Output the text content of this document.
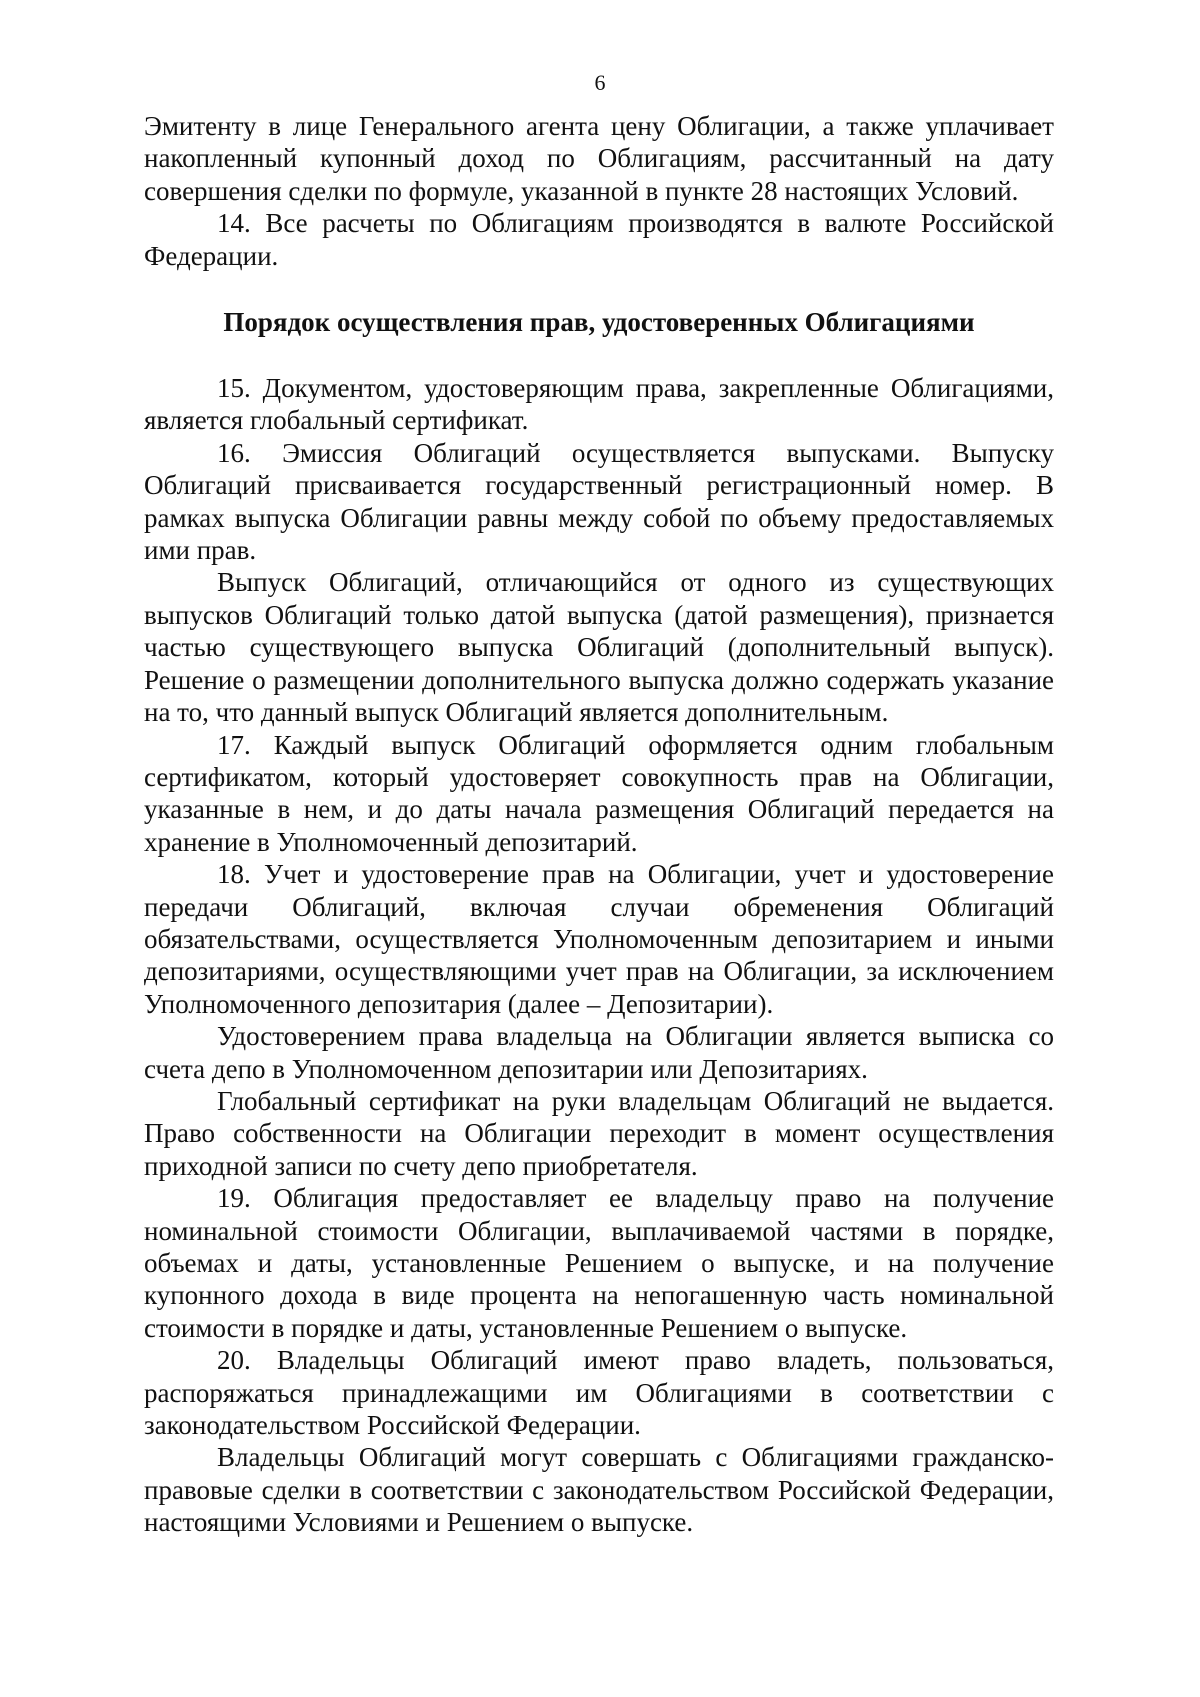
6

Эмитенту в лице Генерального агента цену Облигации, а также уплачивает накопленный купонный доход по Облигациям, рассчитанный на дату совершения сделки по формуле, указанной в пункте 28 настоящих Условий.

14. Все расчеты по Облигациям производятся в валюте Российской Федерации.

Порядок осуществления прав, удостоверенных Облигациями

15. Документом, удостоверяющим права, закрепленные Облигациями, является глобальный сертификат.

16. Эмиссия Облигаций осуществляется выпусками. Выпуску Облигаций присваивается государственный регистрационный номер. В рамках выпуска Облигации равны между собой по объему предоставляемых ими прав.

Выпуск Облигаций, отличающийся от одного из существующих выпусков Облигаций только датой выпуска (датой размещения), признается частью существующего выпуска Облигаций (дополнительный выпуск). Решение о размещении дополнительного выпуска должно содержать указание на то, что данный выпуск Облигаций является дополнительным.

17. Каждый выпуск Облигаций оформляется одним глобальным сертификатом, который удостоверяет совокупность прав на Облигации, указанные в нем, и до даты начала размещения Облигаций передается на хранение в Уполномоченный депозитарий.

18. Учет и удостоверение прав на Облигации, учет и удостоверение передачи Облигаций, включая случаи обременения Облигаций обязательствами, осуществляется Уполномоченным депозитарием и иными депозитариями, осуществляющими учет прав на Облигации, за исключением Уполномоченного депозитария (далее – Депозитарии).

Удостоверением права владельца на Облигации является выписка со счета депо в Уполномоченном депозитарии или Депозитариях.

Глобальный сертификат на руки владельцам Облигаций не выдается. Право собственности на Облигации переходит в момент осуществления приходной записи по счету депо приобретателя.

19. Облигация предоставляет ее владельцу право на получение номинальной стоимости Облигации, выплачиваемой частями в порядке, объемах и даты, установленные Решением о выпуске, и на получение купонного дохода в виде процента на непогашенную часть номинальной стоимости в порядке и даты, установленные Решением о выпуске.

20. Владельцы Облигаций имеют право владеть, пользоваться, распоряжаться принадлежащими им Облигациями в соответствии с законодательством Российской Федерации.

Владельцы Облигаций могут совершать с Облигациями гражданско-правовые сделки в соответствии с законодательством Российской Федерации, настоящими Условиями и Решением о выпуске.
